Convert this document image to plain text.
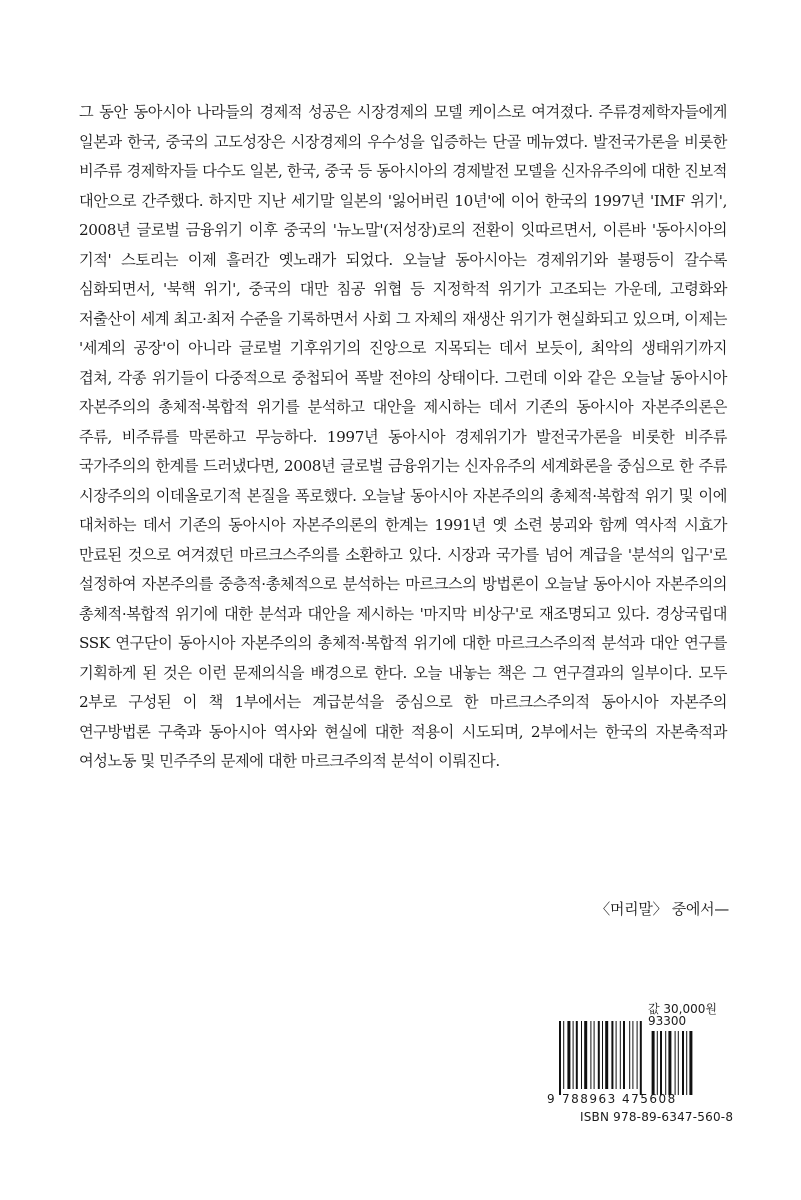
그 동안 동아시아 나라들의 경제적 성공은 시장경제의 모델 케이스로 여겨졌다. 주류경제학자들에게 일본과 한국, 중국의 고도성장은 시장경제의 우수성을 입증하는 단골 메뉴였다. 발전국가론을 비롯한 비주류 경제학자들 다수도 일본, 한국, 중국 등 동아시아의 경제발전 모델을 신자유주의에 대한 진보적 대안으로 간주했다. 하지만 지난 세기말 일본의 '잃어버린 10년'에 이어 한국의 1997년 'IMF 위기', 2008년 글로벌 금융위기 이후 중국의 '뉴노말'(저성장)로의 전환이 잇따르면서, 이른바 '동아시아의 기적' 스토리는 이제 흘러간 옛노래가 되었다. 오늘날 동아시아는 경제위기와 불평등이 갈수록 심화되면서, '북핵 위기', 중국의 대만 침공 위협 등 지정학적 위기가 고조되는 가운데, 고령화와 저출산이 세계 최고·최저 수준을 기록하면서 사회 그 자체의 재생산 위기가 현실화되고 있으며, 이제는 '세계의 공장'이 아니라 글로벌 기후위기의 진앙으로 지목되는 데서 보듯이, 최악의 생태위기까지 겹쳐, 각종 위기들이 다중적으로 중첩되어 폭발 전야의 상태이다. 그런데 이와 같은 오늘날 동아시아 자본주의의 총체적·복합적 위기를 분석하고 대안을 제시하는 데서 기존의 동아시아 자본주의론은 주류, 비주류를 막론하고 무능하다. 1997년 동아시아 경제위기가 발전국가론을 비롯한 비주류 국가주의의 한계를 드러냈다면, 2008년 글로벌 금융위기는 신자유주의 세계화론을 중심으로 한 주류 시장주의의 이데올로기적 본질을 폭로했다. 오늘날 동아시아 자본주의의 총체적·복합적 위기 및 이에 대처하는 데서 기존의 동아시아 자본주의론의 한계는 1991년 옛 소련 붕괴와 함께 역사적 시효가 만료된 것으로 여겨졌던 마르크스주의를 소환하고 있다. 시장과 국가를 넘어 계급을 '분석의 입구'로 설정하여 자본주의를 중층적·총체적으로 분석하는 마르크스의 방법론이 오늘날 동아시아 자본주의의 총체적·복합적 위기에 대한 분석과 대안을 제시하는 '마지막 비상구'로 재조명되고 있다. 경상국립대 SSK 연구단이 동아시아 자본주의의 총체적·복합적 위기에 대한 마르크스주의적 분석과 대안 연구를 기획하게 된 것은 이런 문제의식을 배경으로 한다. 오늘 내놓는 책은 그 연구결과의 일부이다. 모두 2부로 구성된 이 책 1부에서는 계급분석을 중심으로 한 마르크스주의적 동아시아 자본주의 연구방법론 구축과 동아시아 역사와 현실에 대한 적용이 시도되며, 2부에서는 한국의 자본축적과 여성노동 및 민주주의 문제에 대한 마르크주의적 분석이 이뤄진다.

〈머리말〉 중에서—
값 30,000원
93300
9 788963 475608
ISBN 978-89-6347-560-8
